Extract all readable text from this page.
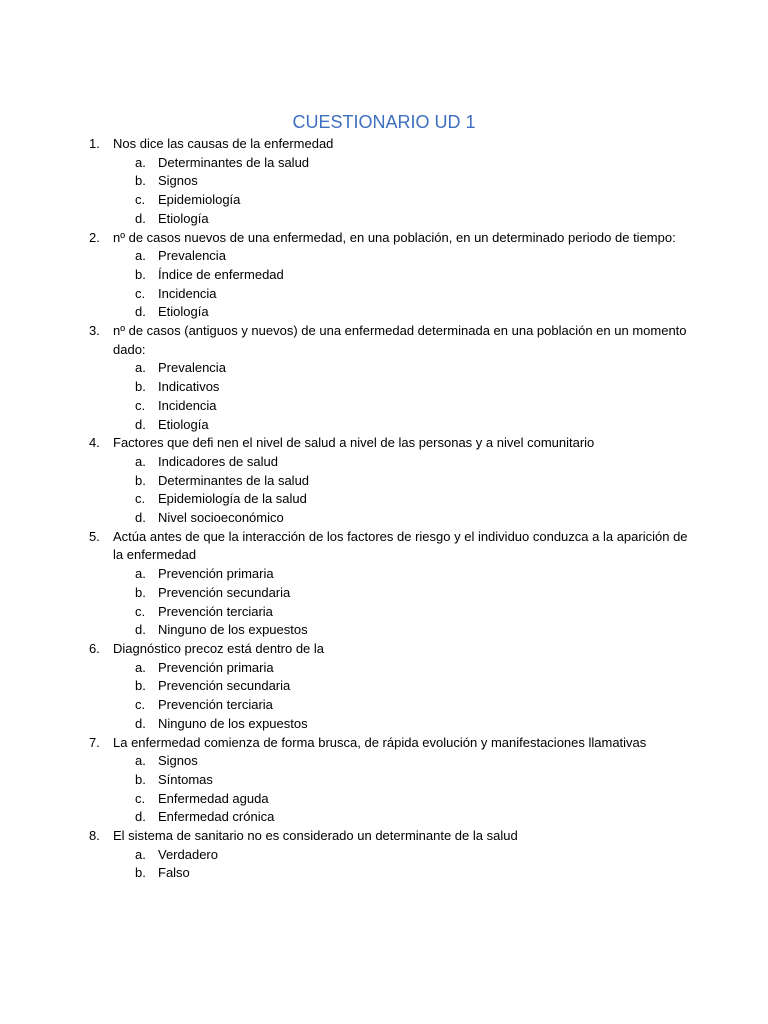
CUESTIONARIO UD 1
1.	Nos dice las causas de la enfermedad
a. Determinantes de la salud
b. Signos
c. Epidemiología
d. Etiología
2.	nº de casos nuevos de una enfermedad, en una población, en un determinado periodo de tiempo:
a. Prevalencia
b. Índice de enfermedad
c. Incidencia
d. Etiología
3.	nº de casos (antiguos y nuevos) de una enfermedad determinada en una población en un momento dado:
a. Prevalencia
b. Indicativos
c. Incidencia
d. Etiología
4.	Factores que defi nen el nivel de salud a nivel de las personas y a nivel comunitario
a. Indicadores de salud
b. Determinantes de la salud
c. Epidemiología de la salud
d. Nivel socioeconómico
5.	Actúa antes de que la interacción de los factores de riesgo y el individuo conduzca a la aparición de la enfermedad
a. Prevención primaria
b. Prevención secundaria
c. Prevención terciaria
d. Ninguno de los expuestos
6.	Diagnóstico precoz está dentro de la
a. Prevención primaria
b. Prevención secundaria
c. Prevención terciaria
d. Ninguno de los expuestos
7.	La enfermedad comienza de forma brusca, de rápida evolución y manifestaciones llamativas
a. Signos
b. Síntomas
c. Enfermedad aguda
d. Enfermedad crónica
8.	El sistema de sanitario no es considerado un determinante de la salud
a. Verdadero
b. Falso
